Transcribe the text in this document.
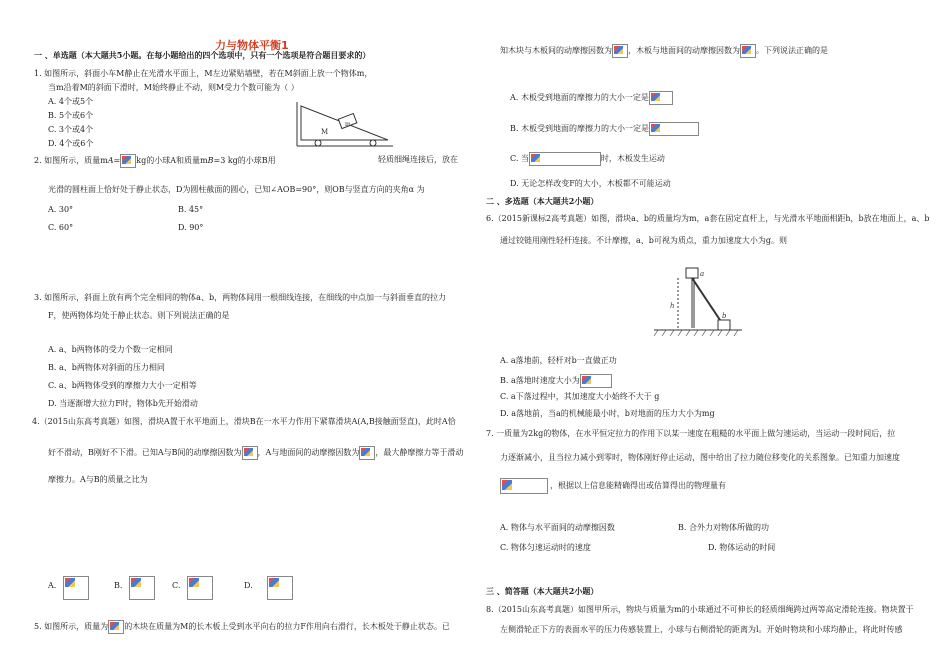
力与物体平衡1
一 、单选题（本大题共5小题。在每小题给出的四个选项中，只有一个选项是符合题目要求的）
1. 如图所示，斜面小车M静止在光滑水平面上，M左边紧贴墙壁，若在M斜面上放一个物体m，
当m沿着M的斜面下滑时，M始终静止不动，则M受力个数可能为（ ）
A. 4个或5个
B. 5个或6个
C. 3个或4个
D. 4个或6个
m
M
2. 如图所示，质量mA= kg的小球A和质量mB=3 kg的小球B用	轻质细绳连接后，放在
光滑的圆柱面上恰好处于静止状态，D为圆柱截面的圆心，已知∠AOB=90°，则OB与竖直方向的夹角α 为
A. 30°	B. 45°
C. 60°	D. 90°
3. 如图所示，斜面上放有两个完全相同的物体a、b，两物体间用一根细线连接，在细线的中点加一与斜面垂直的拉力
F，使两物体均处于静止状态。则下列说法正确的是
A. a、b两物体的受力个数一定相同
B. a、b两物体对斜面的压力相同
C. a、b两物体受到的摩擦力大小一定相等
D. 当逐渐增大拉力F时，物体b先开始滑动
4.（2015山东高考真题）如图，滑块A置于水平地面上，滑块B在一水平力作用下紧靠滑块A(A,B接触面竖直)，此时A恰
好不滑动，B刚好不下滑。已知A与B间的动摩擦因数为 ，A与地面间的动摩擦因数为 ，最大静摩擦力等于滑动
摩擦力。A与B的质量之比为
A.	B.	C.	D.
5. 如图所示，质量为 的木块在质量为M的长木板上受到水平向右的拉力F作用向右滑行，长木板处于静止状态。已
知木块与木板间的动摩擦因数为 ，木板与地面间的动摩擦因数为 。下列说法正确的是
A. 木板受到地面的摩擦力的大小一定是
B. 木板受到地面的摩擦力的大小一定是
C. 当	时，木板发生运动
D. 无论怎样改变F的大小，木板都不可能运动
二 、多选题（本大题共2小题）
6.（2015新课标2高考真题）如图，滑块a、b的质量均为m，a套在固定直杆上，与光滑水平地面相距h，b放在地面上，a、b
通过铰链用刚性轻杆连接。不计摩擦，a、b可视为质点，重力加速度大小为g。则
a
b
h
A. a落地前，轻杆对b一直做正功
B. a落地时速度大小为
C. a下落过程中，其加速度大小始终不大于 g
D. a落地前，当a的机械能最小时，b对地面的压力大小为mg
7. 一质量为2kg的物体，在水平恒定拉力的作用下以某一速度在粗糙的水平面上做匀速运动，当运动一段时间后，拉
力逐渐减小，且当拉力减小到零时，物体刚好停止运动，图中给出了拉力随位移变化的关系图象。已知重力加速度
，根据以上信息能精确得出或估算得出的物理量有
A. 物体与水平面间的动摩擦因数	B. 合外力对物体所做的功
C. 物体匀速运动时的速度	D. 物体运动的时间
三 、简答题（本大题共2小题）
8.（2015山东高考真题）如图甲所示，物块与质量为m的小球通过不可伸长的轻质细绳跨过两等高定滑轮连接。物块置于
左侧滑轮正下方的表面水平的压力传感装置上，小球与右侧滑轮的距离为l。开始时物块和小球均静止，将此时传感
